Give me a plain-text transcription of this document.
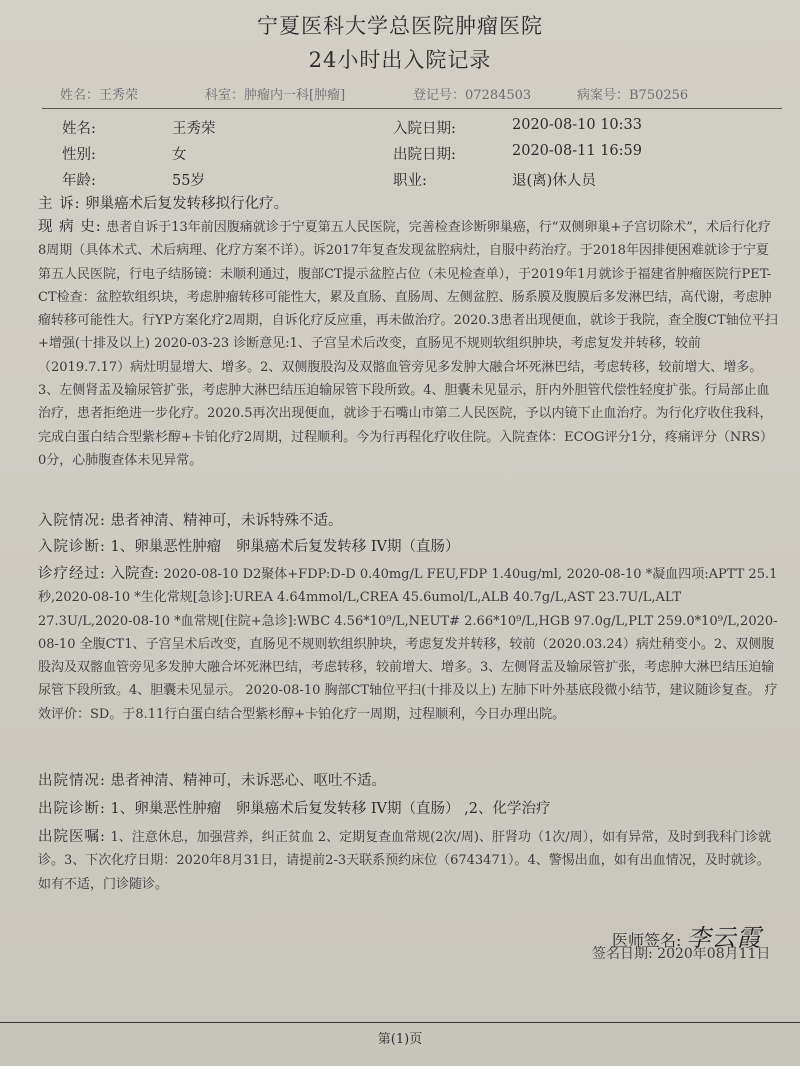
宁夏医科大学总医院肿瘤医院
24小时出入院记录
姓名：王秀荣	科室：肿瘤内一科[肿瘤]	登记号：07284503	病案号：B750256
姓名:	王秀荣	入院日期:	2020-08-10 10:33
性别:	女	出院日期:	2020-08-11 16:59
年龄:	55岁	职业:	退(离)休人员
主 诉: 卵巢癌术后复发转移拟行化疗。
现 病 史: 患者自诉于13年前因腹痛就诊于宁夏第五人民医院，完善检查诊断卵巢癌，行“双侧卵巢+子宫切除术”，术后行化疗8周期（具体术式、术后病理、化疗方案不详）。诉2017年复查发现盆腔病灶，自服中药治疗。于2018年因排便困难就诊于宁夏第五人民医院，行电子结肠镜：未顺利通过，腹部CT提示盆腔占位（未见检查单），于2019年1月就诊于福建省肿瘤医院行PET-CT检查：盆腔软组织块，考虑肿瘤转移可能性大，累及直肠、直肠周、左侧盆腔、肠系膜及腹膜后多发淋巴结，高代谢，考虑肿瘤转移可能性大。行YP方案化疗2周期，自诉化疗反应重，再未做治疗。2020.3患者出现便血，就诊于我院，查全腹CT轴位平扫+增强(十排及以上) 2020-03-23 诊断意见:1、子宫呈术后改变，直肠见不规则软组织肿块，考虑复发并转移，较前（2019.7.17）病灶明显增大、增多。2、双侧腹股沟及双髂血管旁见多发肿大融合坏死淋巴结，考虑转移，较前增大、增多。3、左侧肾盂及输尿管扩张，考虑肿大淋巴结压迫输尿管下段所致。4、胆囊未见显示，肝内外胆管代偿性轻度扩张。行局部止血治疗，患者拒绝进一步化疗。2020.5再次出现便血，就诊于石嘴山市第二人民医院，予以内镜下止血治疗。为行化疗收住我科，完成白蛋白结合型紫杉醇+卡铂化疗2周期，过程顺利。今为行再程化疗收住院。入院查体：ECOG评分1分，疼痛评分（NRS）0分，心肺腹查体未见异常。
入院情况: 患者神清、精神可，未诉特殊不适。
入院诊断: 1、卵巢恶性肿瘤　卵巢癌术后复发转移 IV期（直肠）
诊疗经过: 入院查: 2020-08-10 D2聚体+FDP:D-D 0.40mg/L FEU,FDP 1.40ug/ml, 2020-08-10 *凝血四项:APTT 25.1秒,2020-08-10 *生化常规[急诊]:UREA 4.64mmol/L,CREA 45.6umol/L,ALB 40.7g/L,AST 23.7U/L,ALT 27.3U/L,2020-08-10 *血常规[住院+急诊]:WBC 4.56*10⁹/L,NEUT# 2.66*10⁹/L,HGB 97.0g/L,PLT 259.0*10⁹/L,2020-08-10 全腹CT1、子宫呈术后改变，直肠见不规则软组织肿块，考虑复发并转移，较前（2020.03.24）病灶稍变小。2、双侧腹股沟及双髂血管旁见多发肿大融合坏死淋巴结，考虑转移，较前增大、增多。3、左侧肾盂及输尿管扩张，考虑肿大淋巴结压迫输尿管下段所致。4、胆囊未见显示。 2020-08-10 胸部CT轴位平扫(十排及以上) 左肺下叶外基底段微小结节，建议随诊复查。 疗效评价：SD。于8.11行白蛋白结合型紫杉醇+卡铂化疗一周期，过程顺利，今日办理出院。
出院情况: 患者神清、精神可，未诉恶心、呕吐不适。
出院诊断: 1、卵巢恶性肿瘤　卵巢癌术后复发转移 IV期（直肠） ,2、化学治疗
出院医嘱: 1、注意休息，加强营养，纠正贫血 2、定期复查血常规(2次/周)、肝肾功（1次/周），如有异常，及时到我科门诊就诊。3、下次化疗日期：2020年8月31日，请提前2-3天联系预约床位（6743471）。4、警惕出血，如有出血情况，及时就诊。如有不适，门诊随诊。
医师签名: 李云霞
签名日期: 2020年08月11日
第(1)页
